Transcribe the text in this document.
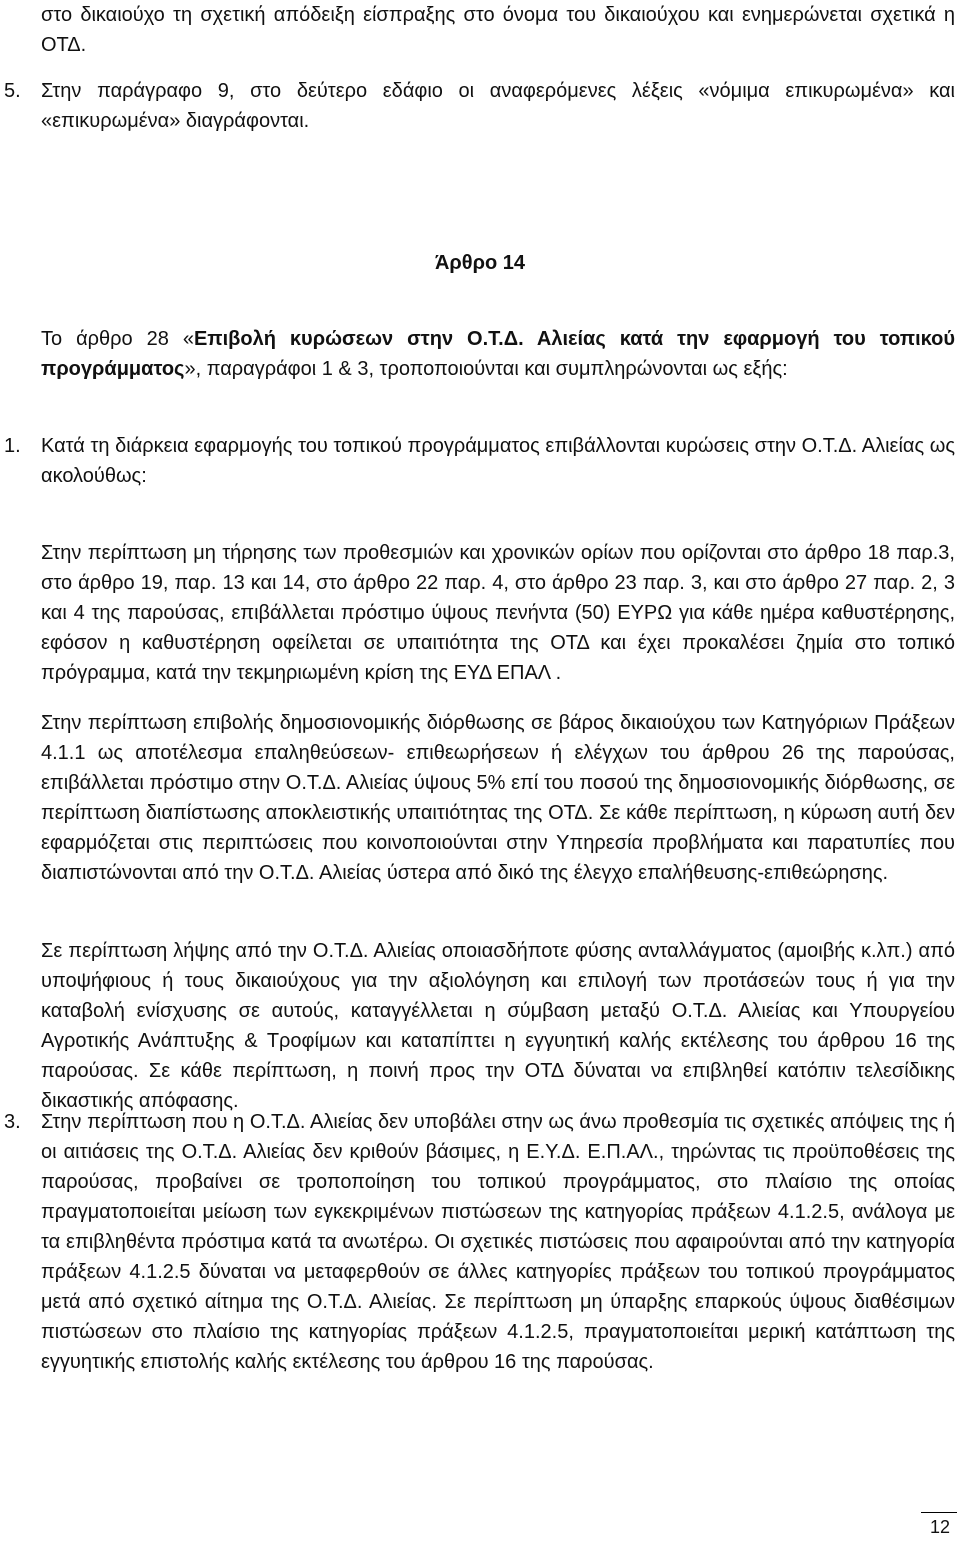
στο δικαιούχο τη σχετική απόδειξη είσπραξης στο όνομα του δικαιούχου και ενημερώνεται σχετικά η ΟΤΔ.

5. Στην παράγραφο 9, στο δεύτερο εδάφιο οι αναφερόμενες λέξεις «νόμιμα επικυρωμένα» και «επικυρωμένα» διαγράφονται.

Άρθρο 14

Το άρθρο 28 «Επιβολή κυρώσεων στην Ο.Τ.Δ. Αλιείας κατά την εφαρμογή του τοπικού προγράμματος», παραγράφοι 1 & 3, τροποποιούνται και συμπληρώνονται ως εξής:

1. Κατά τη διάρκεια εφαρμογής του τοπικού προγράμματος επιβάλλονται κυρώσεις στην Ο.Τ.Δ. Αλιείας ως ακολούθως:

Στην περίπτωση μη τήρησης των προθεσμιών και χρονικών ορίων που ορίζονται στο άρθρο 18 παρ.3, στο άρθρο 19, παρ. 13 και 14, στο άρθρο 22 παρ. 4, στο άρθρο 23 παρ. 3, και στο άρθρο 27 παρ. 2, 3 και 4 της παρούσας, επιβάλλεται πρόστιμο ύψους πενήντα (50) ΕΥΡΩ για κάθε ημέρα καθυστέρησης, εφόσον η καθυστέρηση οφείλεται σε υπαιτιότητα της ΟΤΔ και έχει προκαλέσει ζημία στο τοπικό πρόγραμμα, κατά την τεκμηριωμένη κρίση της ΕΥΔ ΕΠΑΛ .

Στην περίπτωση επιβολής δημοσιονομικής διόρθωσης σε βάρος δικαιούχου των Κατηγόριων Πράξεων 4.1.1 ως αποτέλεσμα επαληθεύσεων- επιθεωρήσεων ή ελέγχων του άρθρου 26 της παρούσας, επιβάλλεται πρόστιμο στην Ο.Τ.Δ. Αλιείας ύψους 5% επί του ποσού της δημοσιονομικής διόρθωσης, σε περίπτωση διαπίστωσης αποκλειστικής υπαιτιότητας της ΟΤΔ. Σε κάθε περίπτωση, η κύρωση αυτή δεν εφαρμόζεται στις περιπτώσεις που κοινοποιούνται στην Υπηρεσία προβλήματα και παρατυπίες που διαπιστώνονται από την Ο.Τ.Δ. Αλιείας ύστερα από δικό της έλεγχο επαλήθευσης-επιθεώρησης.

Σε περίπτωση λήψης από την Ο.Τ.Δ. Αλιείας οποιασδήποτε φύσης ανταλλάγματος (αμοιβής κ.λπ.) από υποψήφιους ή τους δικαιούχους για την αξιολόγηση και επιλογή των προτάσεών τους ή για την καταβολή ενίσχυσης σε αυτούς, καταγγέλλεται η σύμβαση μεταξύ Ο.Τ.Δ. Αλιείας και Υπουργείου Αγροτικής Ανάπτυξης & Τροφίμων και καταπίπτει η εγγυητική καλής εκτέλεσης του άρθρου 16 της παρούσας. Σε κάθε περίπτωση, η ποινή προς την ΟΤΔ δύναται να επιβληθεί κατόπιν τελεσίδικης δικαστικής απόφασης.

3. Στην περίπτωση που η Ο.Τ.Δ. Αλιείας δεν υποβάλει στην ως άνω προθεσμία τις σχετικές απόψεις της ή οι αιτιάσεις της Ο.Τ.Δ. Αλιείας δεν κριθούν βάσιμες, η Ε.Υ.Δ. Ε.Π.ΑΛ., τηρώντας τις προϋποθέσεις της παρούσας, προβαίνει σε τροποποίηση του τοπικού προγράμματος, στο πλαίσιο της οποίας πραγματοποιείται μείωση των εγκεκριμένων πιστώσεων της κατηγορίας πράξεων 4.1.2.5, ανάλογα με τα επιβληθέντα πρόστιμα κατά τα ανωτέρω. Οι σχετικές πιστώσεις που αφαιρούνται από την κατηγορία πράξεων 4.1.2.5 δύναται να μεταφερθούν σε άλλες κατηγορίες πράξεων του τοπικού προγράμματος μετά από σχετικό αίτημα της Ο.Τ.Δ. Αλιείας. Σε περίπτωση μη ύπαρξης επαρκούς ύψους διαθέσιμων πιστώσεων στο πλαίσιο της κατηγορίας πράξεων 4.1.2.5, πραγματοποιείται μερική κατάπτωση της εγγυητικής επιστολής καλής εκτέλεσης του άρθρου 16 της παρούσας.

12
